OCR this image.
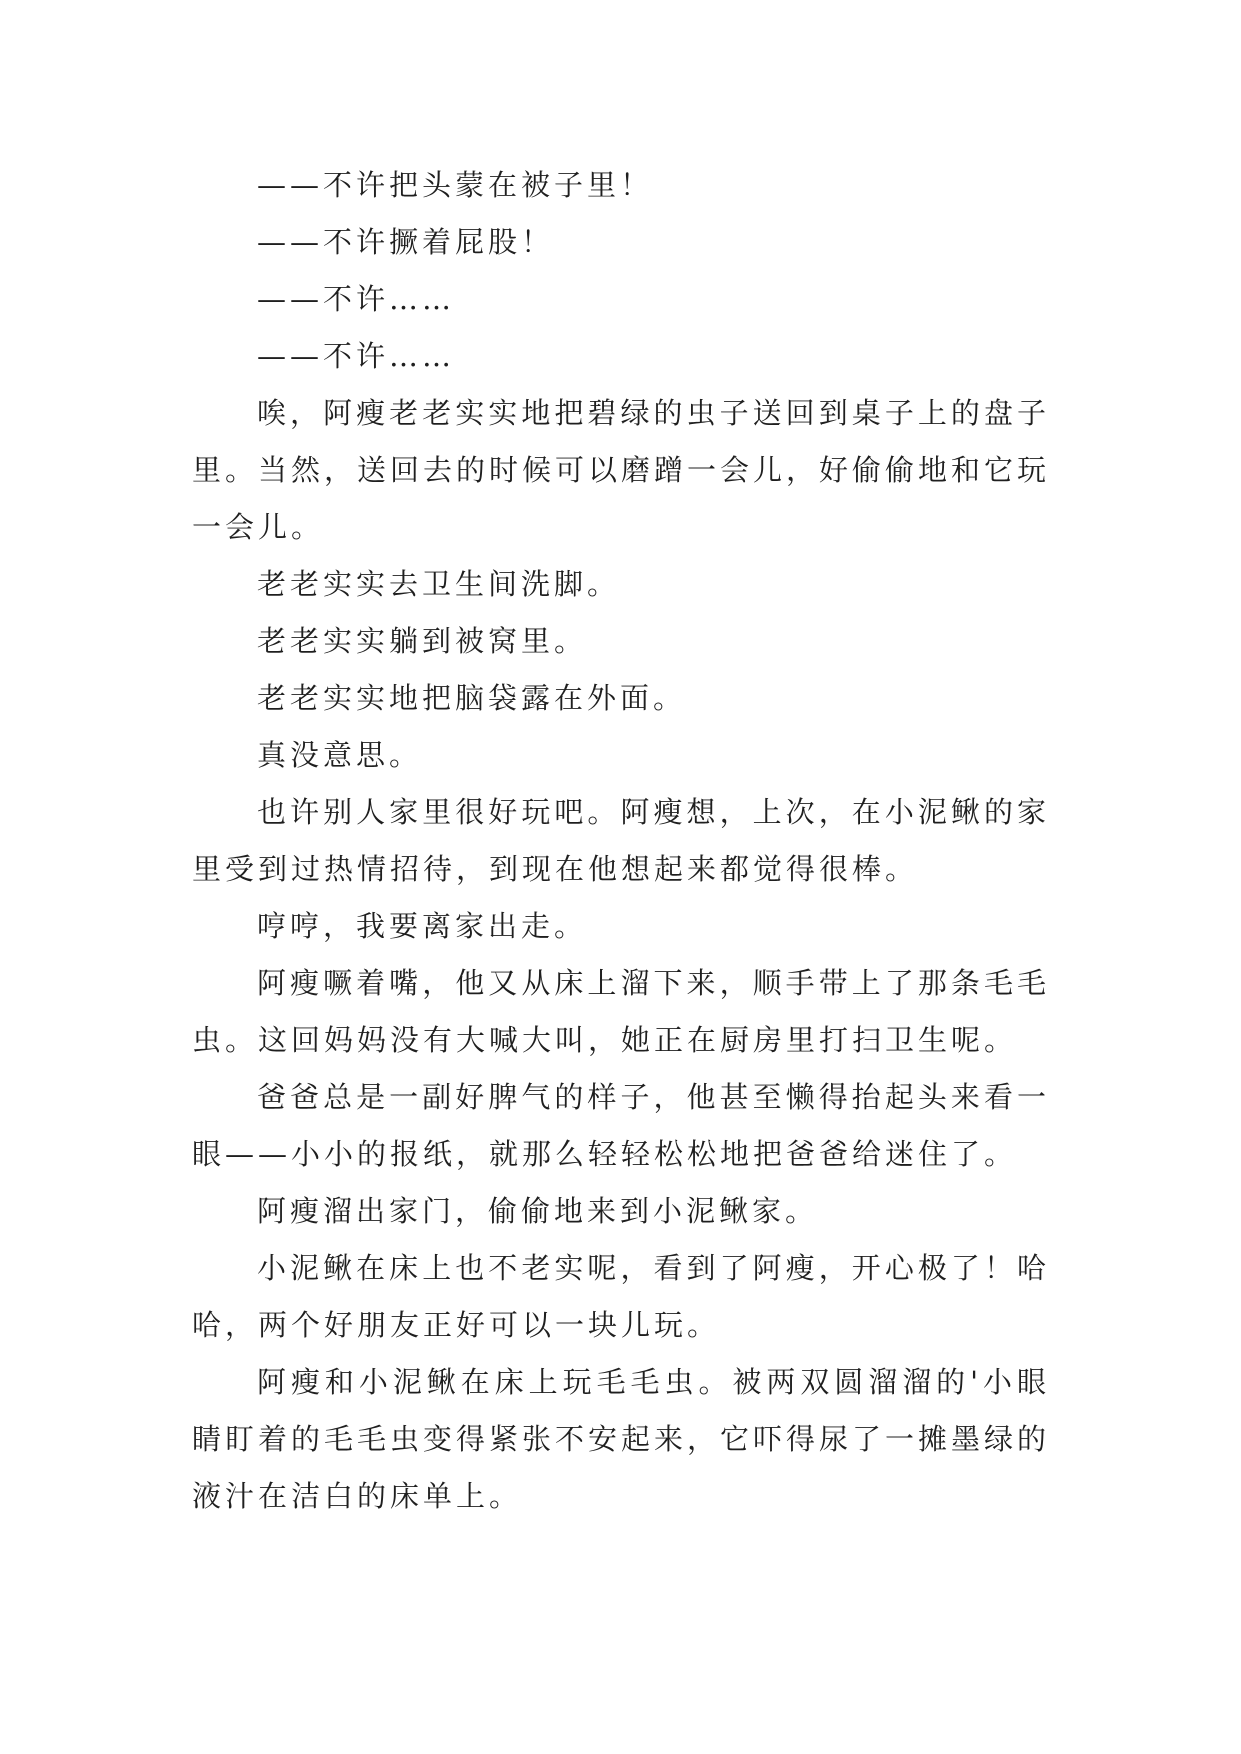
——不许把头蒙在被子里！

——不许撅着屁股！

——不许……

——不许……

唉，阿瘦老老实实地把碧绿的虫子送回到桌子上的盘子里。当然，送回去的时候可以磨蹭一会儿，好偷偷地和它玩一会儿。

老老实实去卫生间洗脚。

老老实实躺到被窝里。

老老实实地把脑袋露在外面。

真没意思。

也许别人家里很好玩吧。阿瘦想，上次，在小泥鳅的家里受到过热情招待，到现在他想起来都觉得很棒。

哼哼，我要离家出走。

阿瘦噘着嘴，他又从床上溜下来，顺手带上了那条毛毛虫。这回妈妈没有大喊大叫，她正在厨房里打扫卫生呢。

爸爸总是一副好脾气的样子，他甚至懒得抬起头来看一眼——小小的报纸，就那么轻轻松松地把爸爸给迷住了。

阿瘦溜出家门，偷偷地来到小泥鳅家。

小泥鳅在床上也不老实呢，看到了阿瘦，开心极了！哈哈，两个好朋友正好可以一块儿玩。

阿瘦和小泥鳅在床上玩毛毛虫。被两双圆溜溜的'小眼睛盯着的毛毛虫变得紧张不安起来，它吓得尿了一摊墨绿的液汁在洁白的床单上。
